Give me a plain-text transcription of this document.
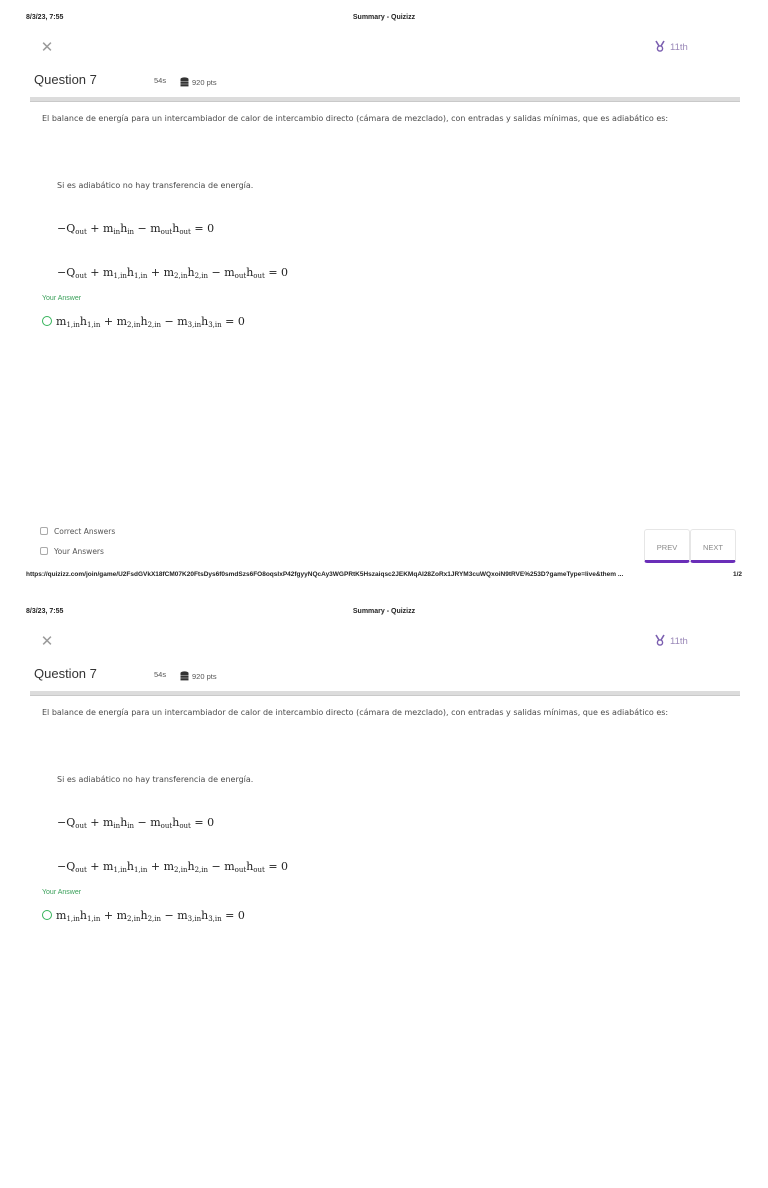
8/3/23, 7:55	Summary - Quizizz
✕	11th
Question 7	54s	920 pts
El balance de energía para un intercambiador de calor de intercambio directo (cámara de mezclado), con entradas y salidas mínimas, que es adiabático es:
Si es adiabático no hay transferencia de energía.
$-Q_{out} + m_{in}h_{in} - m_{out}h_{out} = 0$
$-Q_{out} + m_{1,in}h_{1,in} + m_{2,in}h_{2,in} - m_{out}h_{out} = 0$
Your Answer
$m_{1,in}h_{1,in} + m_{2,in}h_{2,in} - m_{3,in}h_{3,in} = 0$
Correct Answers
Your Answers	PREV	NEXT
https://quizizz.com/join/game/U2FsdGVkX18fCM07K20FtsDys6f0smdSzs6FO8oqsIxP42fgyyNQcAy3WGPRtK5Hszaiqsc2JEKMqAI28ZoRx1JRYM3cuWQxoiN9tRVE%253D?gameType=live&them ...	1/2
8/3/23, 7:55	Summary - Quizizz
✕	11th
Question 7	54s	920 pts
El balance de energía para un intercambiador de calor de intercambio directo (cámara de mezclado), con entradas y salidas mínimas, que es adiabático es:
Si es adiabático no hay transferencia de energía.
$-Q_{out} + m_{in}h_{in} - m_{out}h_{out} = 0$
$-Q_{out} + m_{1,in}h_{1,in} + m_{2,in}h_{2,in} - m_{out}h_{out} = 0$
Your Answer
$m_{1,in}h_{1,in} + m_{2,in}h_{2,in} - m_{3,in}h_{3,in} = 0$
